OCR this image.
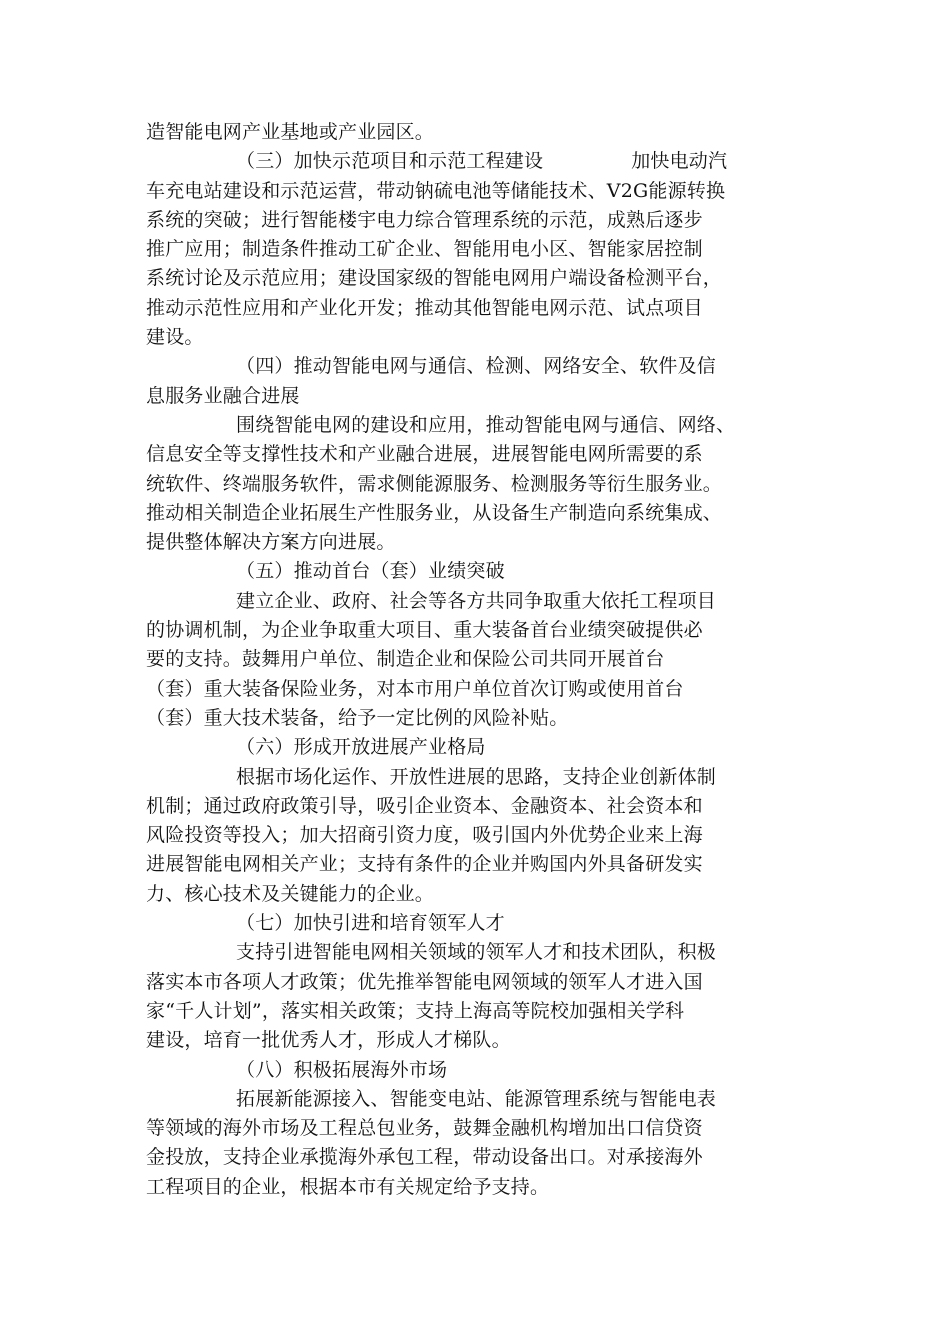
造智能电网产业基地或产业园区。
（三）加快示范项目和示范工程建设	加快电动汽
车充电站建设和示范运营，带动钠硫电池等储能技术、V2G能源转换
系统的突破；进行智能楼宇电力综合管理系统的示范，成熟后逐步
推广应用；制造条件推动工矿企业、智能用电小区、智能家居控制
系统讨论及示范应用；建设国家级的智能电网用户端设备检测平台，
推动示范性应用和产业化开发；推动其他智能电网示范、试点项目
建设。
（四）推动智能电网与通信、检测、网络安全、软件及信
息服务业融合进展
围绕智能电网的建设和应用，推动智能电网与通信、网络、
信息安全等支撑性技术和产业融合进展，进展智能电网所需要的系
统软件、终端服务软件，需求侧能源服务、检测服务等衍生服务业。
推动相关制造企业拓展生产性服务业，从设备生产制造向系统集成、
提供整体解决方案方向进展。
（五）推动首台（套）业绩突破
建立企业、政府、社会等各方共同争取重大依托工程项目
的协调机制，为企业争取重大项目、重大装备首台业绩突破提供必
要的支持。鼓舞用户单位、制造企业和保险公司共同开展首台
（套）重大装备保险业务，对本市用户单位首次订购或使用首台
（套）重大技术装备，给予一定比例的风险补贴。
（六）形成开放进展产业格局
根据市场化运作、开放性进展的思路，支持企业创新体制
机制；通过政府政策引导，吸引企业资本、金融资本、社会资本和
风险投资等投入；加大招商引资力度，吸引国内外优势企业来上海
进展智能电网相关产业；支持有条件的企业并购国内外具备研发实
力、核心技术及关键能力的企业。
（七）加快引进和培育领军人才
支持引进智能电网相关领域的领军人才和技术团队，积极
落实本市各项人才政策；优先推举智能电网领域的领军人才进入国
家“千人计划”，落实相关政策；支持上海高等院校加强相关学科
建设，培育一批优秀人才，形成人才梯队。
（八）积极拓展海外市场
拓展新能源接入、智能变电站、能源管理系统与智能电表
等领域的海外市场及工程总包业务，鼓舞金融机构增加出口信贷资
金投放，支持企业承揽海外承包工程，带动设备出口。对承接海外
工程项目的企业，根据本市有关规定给予支持。
